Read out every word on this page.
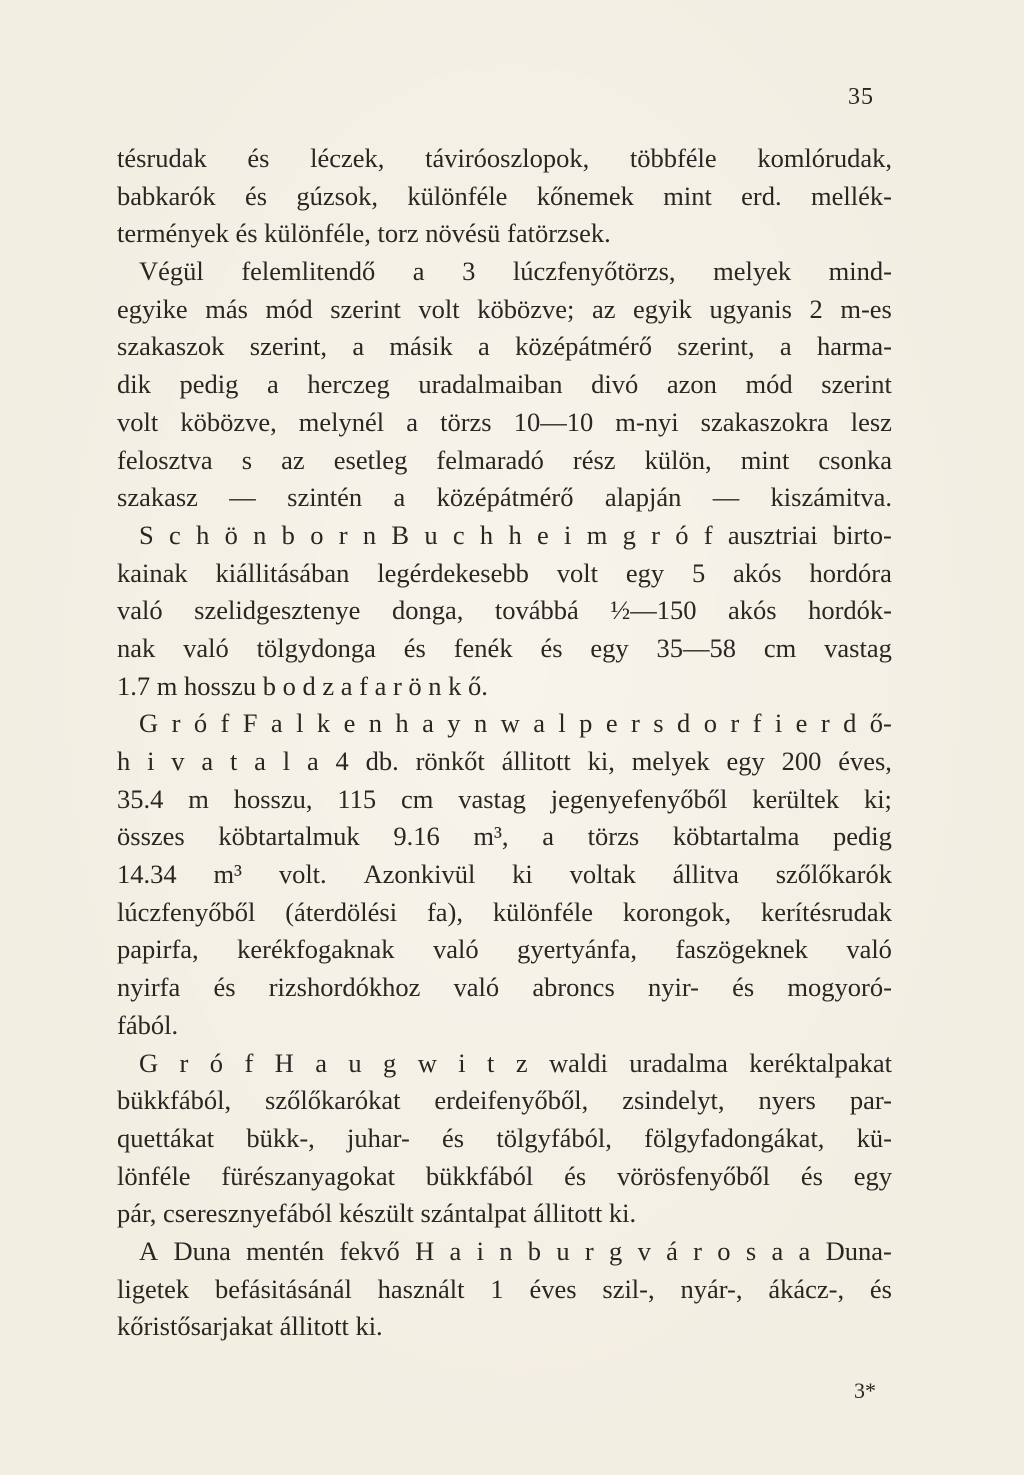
35
tésrudak és léczek, táviróoszlopok, többféle komlórudak,
babkarók és gúzsok, különféle kőnemek mint erd. mellék-
termények és különféle, torz növésü fatörzsek.
Végül felemlitendő a 3 lúczfenyőtörzs, melyek mind-
egyike más mód szerint volt köbözve; az egyik ugyanis 2 m-es
szakaszok szerint, a másik a középátmérő szerint, a harma-
dik pedig a herczeg uradalmaiban divó azon mód szerint
volt köbözve, melynél a törzs 10—10 m-nyi szakaszokra lesz
felosztva s az esetleg felmaradó rész külön, mint csonka
szakasz — szintén a középátmérő alapján — kiszámitva.
S c h ö n b o r n B u c h h e i m g r ó f ausztriai birto-
kainak kiállitásában legérdekesebb volt egy 5 akós hordóra
való szelidgesztenye donga, továbbá ½—150 akós hordók-
nak való tölgydonga és fenék és egy 35—58 cm vastag
1.7 m hosszu b o d z a f a r ö n k ő.
G r ó f F a l k e n h a y n w a l p e r s d o r f i e r d ő-
h i v a t a l a 4 db. rönkőt állitott ki, melyek egy 200 éves,
35.4 m hosszu, 115 cm vastag jegenyefenyőből kerültek ki;
összes köbtartalmuk 9.16 m³, a törzs köbtartalma pedig
14.34 m³ volt. Azonkivül ki voltak állitva szőlőkarók
lúczfenyőből (áterdölési fa), különféle korongok, kerítésrudak
papirfa, kerékfogaknak való gyertyánfa, faszögeknek való
nyirfa és rizshordókhoz való abroncs nyir- és mogyoró-
fából.
G r ó f H a u g w i t z waldi uradalma keréktalpakat
bükkfából, szőlőkarókat erdeifenyőből, zsindelyt, nyers par-
quettákat bükk-, juhar- és tölgyfából, fölgyfadongákat, kü-
lönféle fürészanyagokat bükkfából és vörösfenyőből és egy
pár, cseresznyefából készült szántalpat állitott ki.
A Duna mentén fekvő H a i n b u r g v á r o s a a Duna-
ligetek befásitásánál használt 1 éves szil-, nyár-, ákácz-, és
kőristősarjakat állitott ki.
3*
